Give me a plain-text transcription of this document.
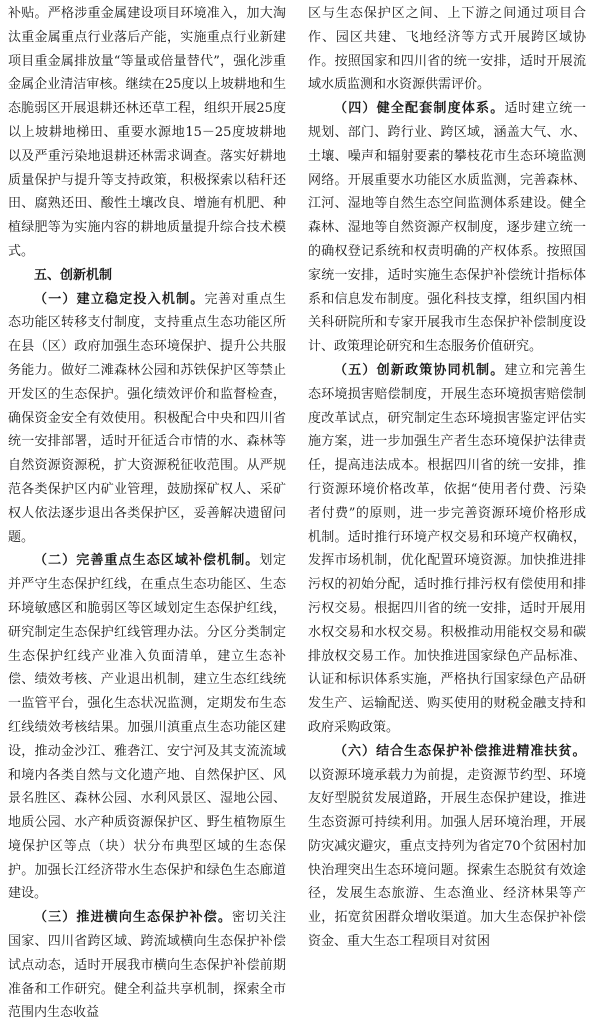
补贴。严格涉重金属建设项目环境准入，加大淘汰重金属重点行业落后产能，实施重点行业新建项目重金属排放量“等量或倍量替代”，强化涉重金属企业清洁审核。继续在25度以上坡耕地和生态脆弱区开展退耕还林还草工程，组织开展25度以上坡耕地梯田、重要水源地15－25度坡耕地以及严重污染地退耕还林需求调查。落实好耕地质量保护与提升等支持政策，积极探索以秸秆还田、腐熟还田、酸性土壤改良、增施有机肥、种植绿肥等为实施内容的耕地质量提升综合技术模式。

五、创新机制

（一）建立稳定投入机制。完善对重点生态功能区转移支付制度，支持重点生态功能区所在县（区）政府加强生态环境保护、提升公共服务能力。做好二滩森林公园和苏铁保护区等禁止开发区的生态保护。强化绩效评价和监督检查，确保资金安全有效使用。积极配合中央和四川省统一安排部署，适时开征适合市情的水、森林等自然资源资源税，扩大资源税征收范围。从严规范各类保护区内矿业管理，鼓励探矿权人、采矿权人依法逐步退出各类保护区，妥善解决遗留问题。

（二）完善重点生态区域补偿机制。划定并严守生态保护红线，在重点生态功能区、生态环境敏感区和脆弱区等区域划定生态保护红线，研究制定生态保护红线管理办法。分区分类制定生态保护红线产业准入负面清单，建立生态补偿、绩效考核、产业退出机制，建立生态红线统一监管平台，强化生态状况监测，定期发布生态红线绩效考核结果。加强川滇重点生态功能区建设，推动金沙江、雅砻江、安宁河及其支流流域和境内各类自然与文化遗产地、自然保护区、风景名胜区、森林公园、水利风景区、湿地公园、地质公园、水产种质资源保护区、野生植物原生境保护区等点（块）状分布典型区域的生态保护。加强长江经济带水生态保护和绿色生态廊道建设。

（三）推进横向生态保护补偿。密切关注国家、四川省跨区域、跨流域横向生态保护补偿试点动态，适时开展我市横向生态保护补偿前期准备和工作研究。健全利益共享机制，探索全市范围内生态收益

区与生态保护区之间、上下游之间通过项目合作、园区共建、飞地经济等方式开展跨区域协作。按照国家和四川省的统一安排，适时开展流域水质监测和水资源供需评价。

（四）健全配套制度体系。适时建立统一规划、部门、跨行业、跨区域，涵盖大气、水、土壤、噪声和辐射要素的攀枝花市生态环境监测网络。开展重要水功能区水质监测，完善森林、江河、湿地等自然生态空间监测体系建设。健全森林、湿地等自然资源产权制度，逐步建立统一的确权登记系统和权责明确的产权体系。按照国家统一安排，适时实施生态保护补偿统计指标体系和信息发布制度。强化科技支撑，组织国内相关科研院所和专家开展我市生态保护补偿制度设计、政策理论研究和生态服务价值研究。

（五）创新政策协同机制。建立和完善生态环境损害赔偿制度，开展生态环境损害赔偿制度改革试点，研究制定生态环境损害鉴定评估实施方案，进一步加强生产者生态环境保护法律责任，提高违法成本。根据四川省的统一安排，推行资源环境价格改革，依据“使用者付费、污染者付费”的原则，进一步完善资源环境价格形成机制。适时推行环境产权交易和环境产权确权，发挥市场机制，优化配置环境资源。加快推进排污权的初始分配，适时推行排污权有偿使用和排污权交易。根据四川省的统一安排，适时开展用水权交易和水权交易。积极推动用能权交易和碳排放权交易工作。加快推进国家绿色产品标准、认证和标识体系实施，严格执行国家绿色产品研发生产、运输配送、购买使用的财税金融支持和政府采购政策。

（六）结合生态保护补偿推进精准扶贫。以资源环境承载力为前提，走资源节约型、环境友好型脱贫发展道路，开展生态保护建设，推进生态资源可持续利用。加强人居环境治理，开展防灾减灾避灾，重点支持列为省定70个贫困村加快治理突出生态环境问题。探索生态脱贫有效途径，发展生态旅游、生态渔业、经济林果等产业，拓宽贫困群众增收渠道。加大生态保护补偿资金、重大生态工程项目对贫困
